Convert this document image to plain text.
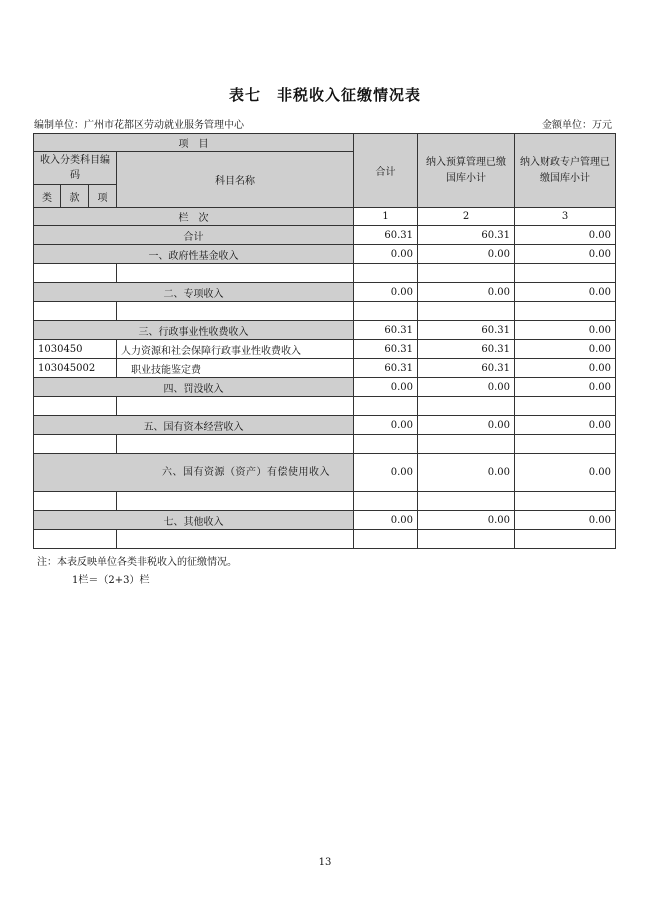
表七　非税收入征缴情况表
编制单位：广州市花都区劳动就业服务管理中心	金额单位：万元
项　目				合计	纳入预算管理已缴国库小计	纳入财政专户管理已缴国库小计
收入分类科目编码			科目名称			
类	款	项				
栏　次				1	2	3
合计				60.31	60.31	0.00
一、政府性基金收入				0.00	0.00	0.00

二、专项收入				0.00	0.00	0.00

三、行政事业性收费收入				60.31	60.31	0.00
1030450			人力资源和社会保障行政事业性收费收入	60.31	60.31	0.00
103045002			职业技能鉴定费	60.31	60.31	0.00
四、罚没收入				0.00	0.00	0.00

五、国有资本经营收入				0.00	0.00	0.00

六、国有资源（资产）有偿使用收入				0.00	0.00	0.00

七、其他收入				0.00	0.00	0.00

注：本表反映单位各类非税收入的征缴情况。
1栏＝（2+3）栏
13
